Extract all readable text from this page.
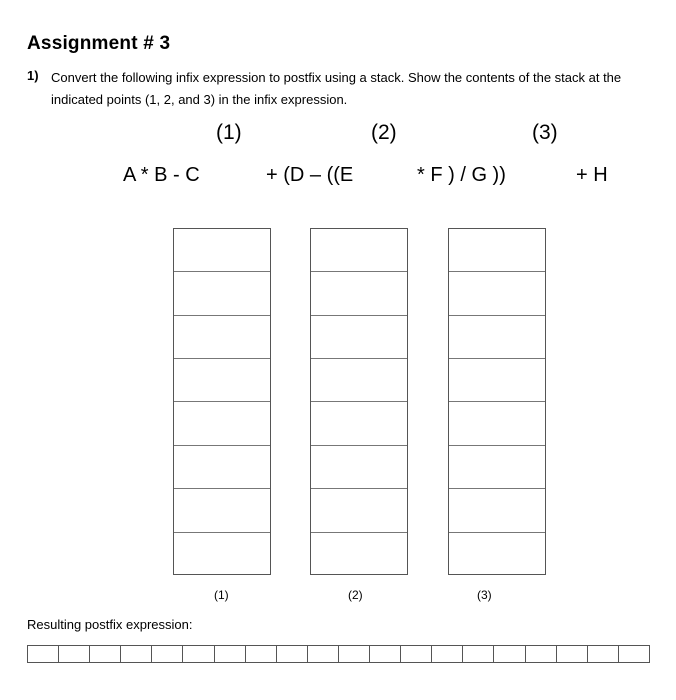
Assignment # 3
1) Convert the following infix expression to postfix using a stack. Show the contents of the stack at the indicated points (1, 2, and 3) in the infix expression.
(1)	(2)	(3)
A * B - C	+ (D – ((E	* F ) / G ))	+ H
(1)	(2)	(3)
Resulting postfix expression:
